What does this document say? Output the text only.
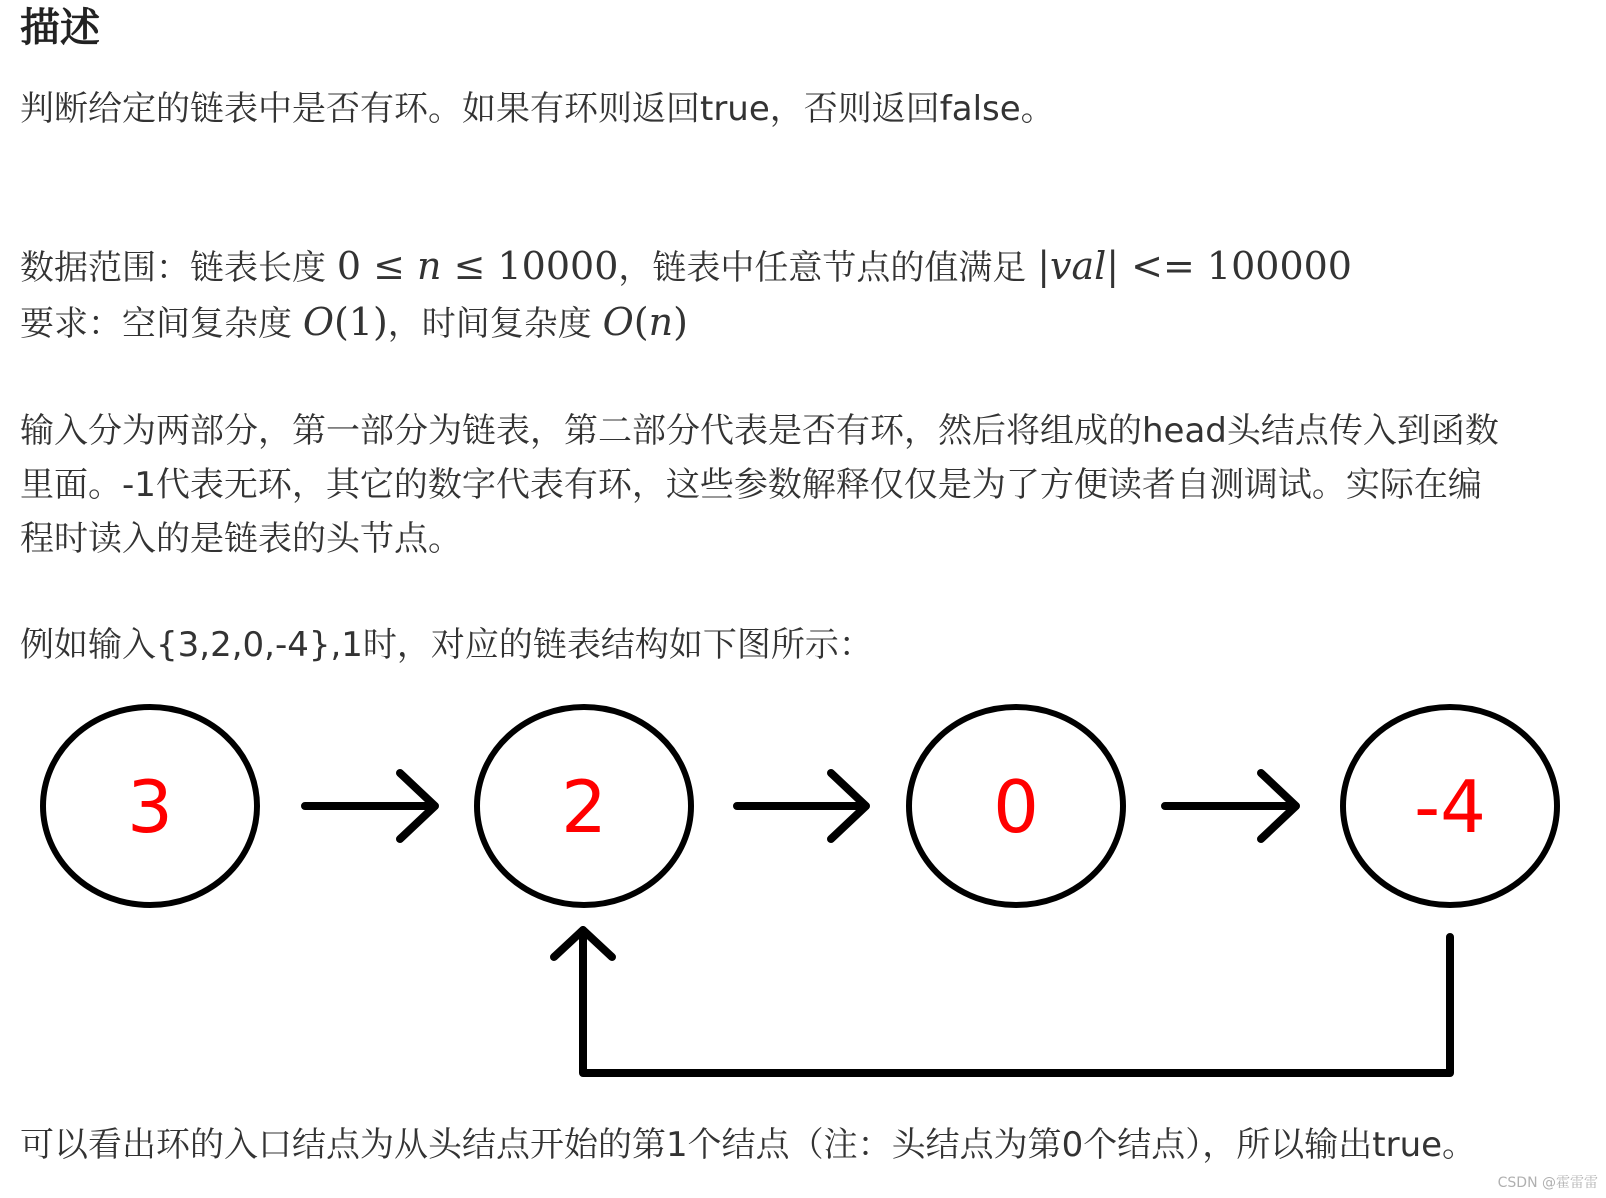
描述

判断给定的链表中是否有环。如果有环则返回true，否则返回false。

数据范围：链表长度 0 ≤ n ≤ 10000，链表中任意节点的值满足 |val| <= 100000

要求：空间复杂度 O(1)，时间复杂度 O(n)

输入分为两部分，第一部分为链表，第二部分代表是否有环，然后将组成的head头结点传入到函数

里面。-1代表无环，其它的数字代表有环，这些参数解释仅仅是为了方便读者自测调试。实际在编

程时读入的是链表的头节点。

例如输入{3,2,0,-4},1时，对应的链表结构如下图所示：

3	2	0	-4
CSDN @霍雷雷

可以看出环的入口结点为从头结点开始的第1个结点（注：头结点为第0个结点），所以输出true。
